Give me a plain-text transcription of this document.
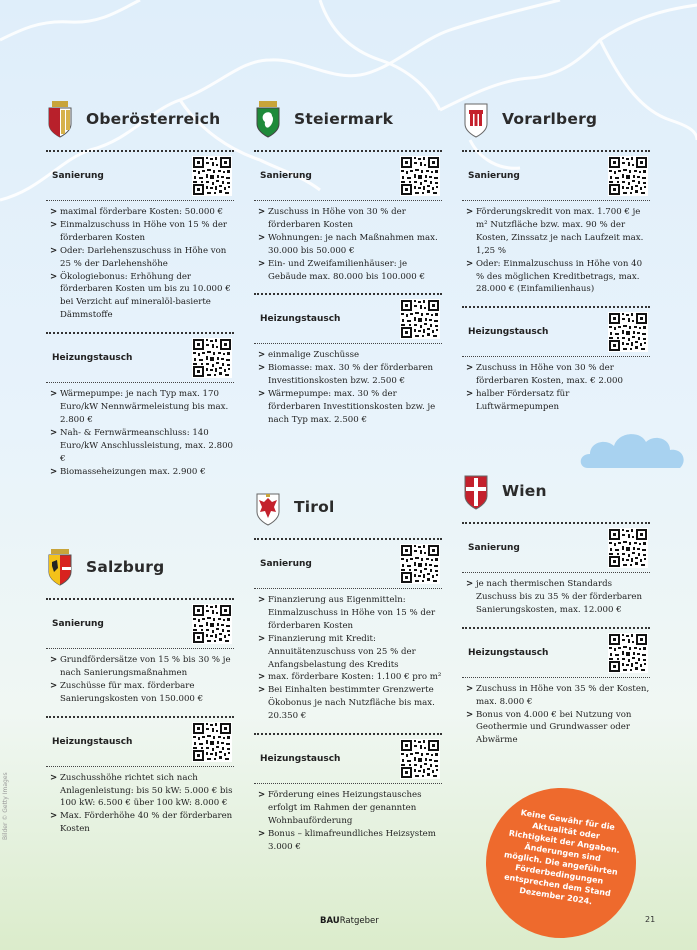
Oberösterreich
Sanierung
> maximal förderbare Kosten: 50.000 €
> Einmalzuschuss in Höhe von 15 % der förderbaren Kosten
> Oder: Darlehenszuschuss in Höhe von 25 % der Darlehenshöhe
> Ökologiebonus: Erhöhung der förderbaren Kosten um bis zu 10.000 € bei Verzicht auf mineralöl-basierte Dämmstoffe
Heizungstausch
> Wärmepumpe: je nach Typ max. 170 Euro/kW Nennwärmeleistung bis max. 2.800 €
> Nah- & Fernwärmeanschluss: 140 Euro/kW Anschlussleistung, max. 2.800 €
> Biomasseheizungen max. 2.900 €
Salzburg
Sanierung
> Grundfördersätze von 15 % bis 30 % je nach Sanierungsmaßnahmen
> Zuschüsse für max. förderbare Sanierungskosten von 150.000 €
Heizungstausch
> Zuschusshöhe richtet sich nach Anlagenleistung: bis 50 kW: 5.000 € bis 100 kW: 6.500 € über 100 kW: 8.000 €
> Max. Förderhöhe 40 % der förderbaren Kosten
Steiermark
Sanierung
> Zuschuss in Höhe von 30 % der förderbaren Kosten
> Wohnungen: je nach Maßnahmen max. 30.000 bis 50.000 €
> Ein- und Zweifamilienhäuser: je Gebäude max. 80.000 bis 100.000 €
Heizungstausch
> einmalige Zuschüsse
> Biomasse: max. 30 % der förderbaren Investitionskosten bzw. 2.500 €
> Wärmepumpe: max. 30 % der förderbaren Investitionskosten bzw. je nach Typ max. 2.500 €
Tirol
Sanierung
> Finanzierung aus Eigenmitteln: Einmalzuschuss in Höhe von 15 % der förderbaren Kosten
> Finanzierung mit Kredit: Annuitätenzuschuss von 25 % der Anfangsbelastung des Kredits
> max. förderbare Kosten: 1.100 € pro m²
> Bei Einhalten bestimmter Grenzwerte Ökobonus je nach Nutzfläche bis max. 20.350 €
Heizungstausch
> Förderung eines Heizungstausches erfolgt im Rahmen der genannten Wohnbauförderung
> Bonus – klimafreundliches Heizsystem 3.000 €
Vorarlberg
Sanierung
> Förderungskredit von max. 1.700 € je m² Nutzfläche bzw. max. 90 % der Kosten, Zinssatz je nach Laufzeit max. 1,25 %
> Oder: Einmalzuschuss in Höhe von 40 % des möglichen Kreditbetrags, max. 28.000 € (Einfamilienhaus)
Heizungstausch
> Zuschuss in Höhe von 30 % der förderbaren Kosten, max. € 2.000
> halber Fördersatz für Luftwärmepumpen
Wien
Sanierung
> je nach thermischen Standards Zuschuss bis zu 35 % der förderbaren Sanierungskosten, max. 12.000 €
Heizungstausch
> Zuschuss in Höhe von 35 % der Kosten, max. 8.000 €
> Bonus von 4.000 € bei Nutzung von Geothermie und Grundwasser oder Abwärme
Keine Gewähr für die Aktualität oder Richtigkeit der Angaben. Änderungen sind möglich. Die angeführten Förderbedingungen entsprechen dem Stand Dezember 2024.
Bilder © Getty Images
BAURatgeber	21
